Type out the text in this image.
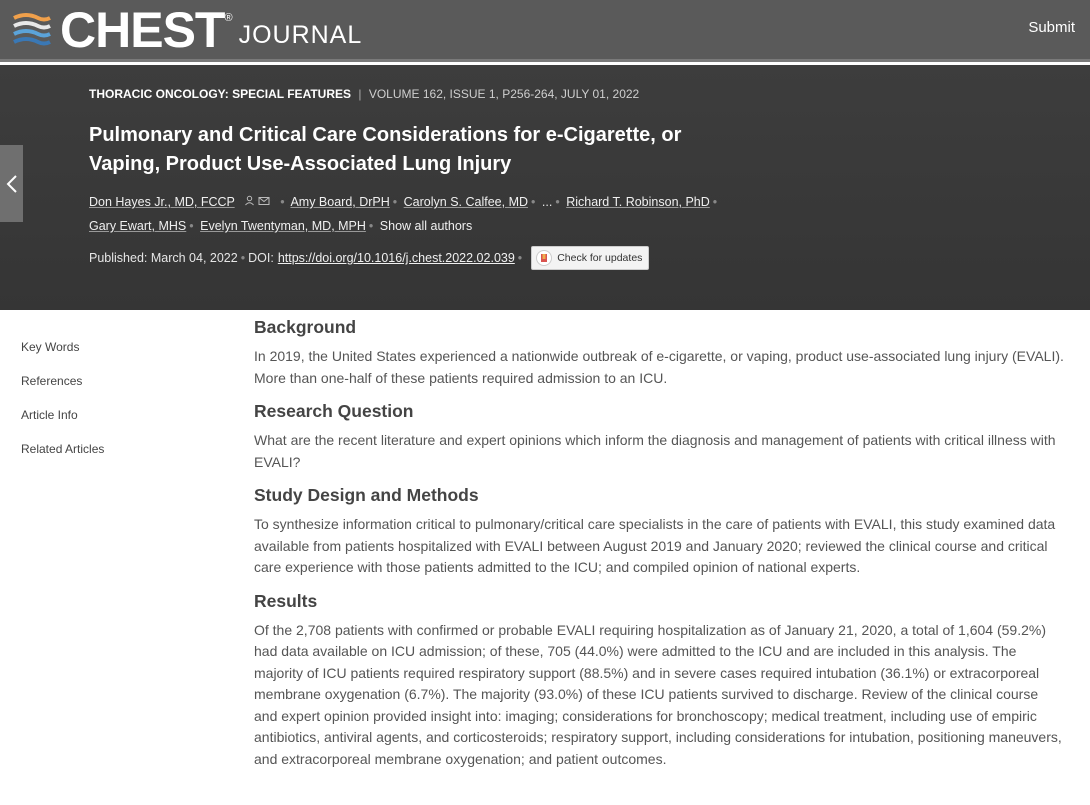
CHEST ®
JOURNAL	Submit
THORACIC ONCOLOGY: SPECIAL FEATURES | VOLUME 162, ISSUE 1, P256-264, JULY 01, 2022
Pulmonary and Critical Care Considerations for e-Cigarette, or Vaping, Product Use-Associated Lung Injury
Don Hayes Jr., MD, FCCP	• Amy Board, DrPH • Carolyn S. Calfee, MD • ... • Richard T. Robinson, PhD •
Gary Ewart, MHS • Evelyn Twentyman, MD, MPH • Show all authors
Published: March 04, 2022 • DOI: https://doi.org/10.1016/j.chest.2022.02.039 •	Check for updates
Key Words
References
Article Info
Related Articles
Background

In 2019, the United States experienced a nationwide outbreak of e-cigarette, or vaping, product use-associated lung injury (EVALI). More than one-half of these patients required admission to an ICU.

Research Question

What are the recent literature and expert opinions which inform the diagnosis and management of patients with critical illness with EVALI?

Study Design and Methods

To synthesize information critical to pulmonary/critical care specialists in the care of patients with EVALI, this study examined data available from patients hospitalized with EVALI between August 2019 and January 2020; reviewed the clinical course and critical care experience with those patients admitted to the ICU; and compiled opinion of national experts.

Results

Of the 2,708 patients with confirmed or probable EVALI requiring hospitalization as of January 21, 2020, a total of 1,604 (59.2%) had data available on ICU admission; of these, 705 (44.0%) were admitted to the ICU and are included in this analysis. The majority of ICU patients required respiratory support (88.5%) and in severe cases required intubation (36.1%) or extracorporeal membrane oxygenation (6.7%). The majority (93.0%) of these ICU patients survived to discharge. Review of the clinical course and expert opinion provided insight into: imaging; considerations for bronchoscopy; medical treatment, including use of empiric antibiotics, antiviral agents, and corticosteroids; respiratory support, including considerations for intubation, positioning maneuvers, and extracorporeal membrane oxygenation; and patient outcomes.
